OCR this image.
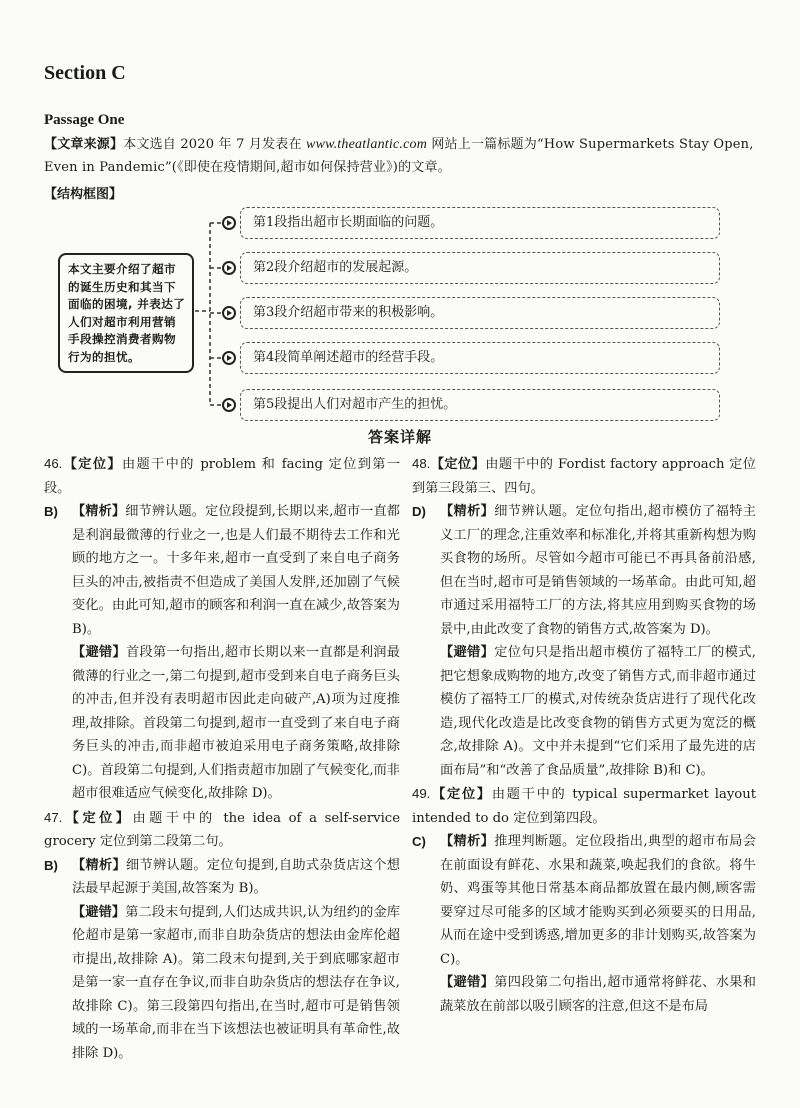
Section C
Passage One
【文章来源】本文选自 2020 年 7 月发表在 www.theatlantic.com 网站上一篇标题为“How Supermarkets Stay Open, Even in Pandemic”(《即使在疫情期间,超市如何保持营业》)的文章。
【结构框图】
本文主要介绍了超市的诞生历史和其当下面临的困境, 并表达了人们对超市利用营销手段操控消费者购物行为的担忧。
第1段指出超市长期面临的问题。
第2段介绍超市的发展起源。
第3段介绍超市带来的积极影响。
第4段简单阐述超市的经营手段。
第5段提出人们对超市产生的担忧。
答案详解

46.【定位】由题干中的 problem 和 facing 定位到第一段。

B) 【精析】细节辨认题。定位段提到,长期以来,超市一直都是利润最微薄的行业之一,也是人们最不期待去工作和光顾的地方之一。十多年来,超市一直受到了来自电子商务巨头的冲击,被指责不但造成了美国人发胖,还加剧了气候变化。由此可知,超市的顾客和利润一直在减少,故答案为 B)。

【避错】首段第一句指出,超市长期以来一直都是利润最微薄的行业之一,第二句提到,超市受到来自电子商务巨头的冲击,但并没有表明超市因此走向破产,A)项为过度推理,故排除。首段第二句提到,超市一直受到了来自电子商务巨头的冲击,而非超市被迫采用电子商务策略,故排除 C)。首段第二句提到,人们指责超市加剧了气候变化,而非超市很难适应气候变化,故排除 D)。

47.【定位】由题干中的 the idea of a self-service grocery 定位到第二段第二句。

B) 【精析】细节辨认题。定位句提到,自助式杂货店这个想法最早起源于美国,故答案为 B)。

【避错】第二段末句提到,人们达成共识,认为纽约的金库伦超市是第一家超市,而非自助杂货店的想法由金库伦超市提出,故排除 A)。第二段末句提到,关于到底哪家超市是第一家一直存在争议,而非自助杂货店的想法存在争议,故排除 C)。第三段第四句指出,在当时,超市可是销售领域的一场革命,而非在当下该想法也被证明具有革命性,故排除 D)。

48.【定位】由题干中的 Fordist factory approach 定位到第三段第三、四句。

D) 【精析】细节辨认题。定位句指出,超市模仿了福特主义工厂的理念,注重效率和标准化,并将其重新构想为购买食物的场所。尽管如今超市可能已不再具备前沿感,但在当时,超市可是销售领域的一场革命。由此可知,超市通过采用福特工厂的方法,将其应用到购买食物的场景中,由此改变了食物的销售方式,故答案为 D)。

【避错】定位句只是指出超市模仿了福特工厂的模式,把它想象成购物的地方,改变了销售方式,而非超市通过模仿了福特工厂的模式,对传统杂货店进行了现代化改造,现代化改造是比改变食物的销售方式更为宽泛的概念,故排除 A)。文中并未提到“它们采用了最先进的店面布局”和“改善了食品质量”,故排除 B)和 C)。

49.【定位】由题干中的 typical supermarket layout intended to do 定位到第四段。

C) 【精析】推理判断题。定位段指出,典型的超市布局会在前面设有鲜花、水果和蔬菜,唤起我们的食欲。将牛奶、鸡蛋等其他日常基本商品都放置在最内侧,顾客需要穿过尽可能多的区域才能购买到必须要买的日用品,从而在途中受到诱惑,增加更多的非计划购买,故答案为 C)。

【避错】第四段第二句指出,超市通常将鲜花、水果和蔬菜放在前部以吸引顾客的注意,但这不是布局
